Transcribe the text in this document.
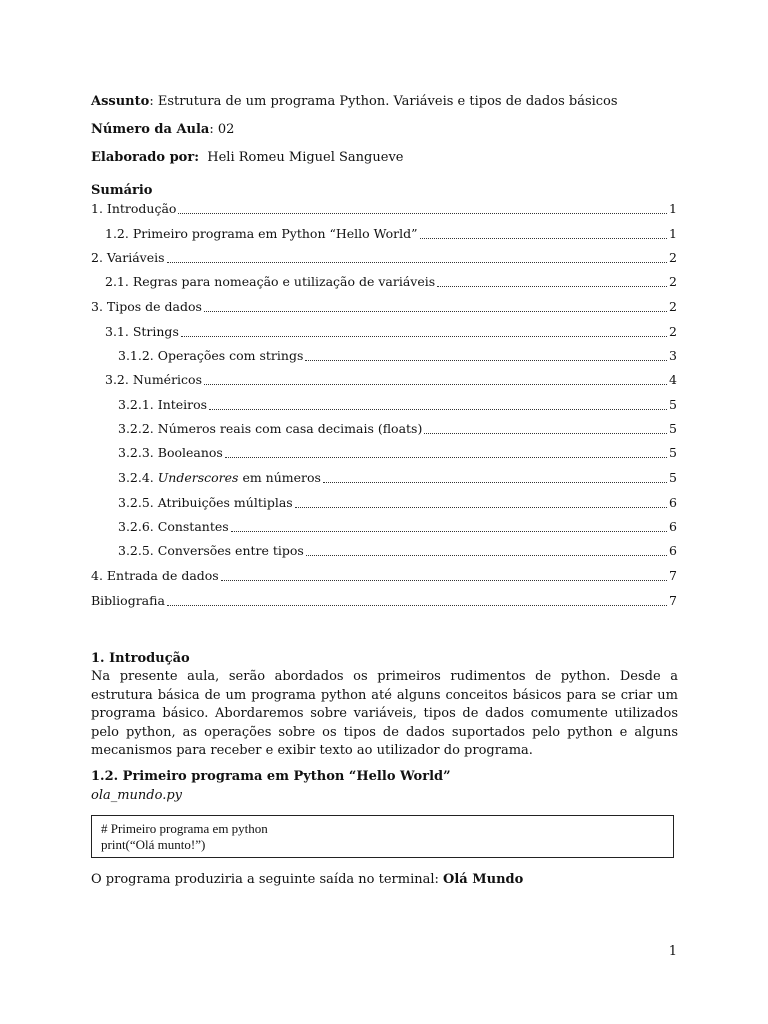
Assunto: Estrutura de um programa Python. Variáveis e tipos de dados básicos
Número da Aula: 02
Elaborado por:  Heli Romeu Miguel Sangueve
Sumário
1. Introdução	1
1.2. Primeiro programa em Python “Hello World”	1
2. Variáveis	2
2.1. Regras para nomeação e utilização de variáveis	2
3. Tipos de dados	2
3.1. Strings	2
3.1.2. Operações com strings	3
3.2. Numéricos	4
3.2.1. Inteiros	5
3.2.2. Números reais com casa decimais (floats)	5
3.2.3. Booleanos	5
3.2.4. Underscores em números	5
3.2.5. Atribuições múltiplas	6
3.2.6. Constantes	6
3.2.5. Conversões entre tipos	6
4. Entrada de dados	7
Bibliografia	7
1. Introdução
Na presente aula, serão abordados os primeiros rudimentos de python. Desde a estrutura básica de um programa python até alguns conceitos básicos para se criar um programa básico. Abordaremos sobre variáveis, tipos de dados comumente utilizados pelo python, as operações sobre os tipos de dados suportados pelo python e alguns mecanismos para receber e exibir texto ao utilizador do programa.
1.2. Primeiro programa em Python “Hello World”
ola_mundo.py
# Primeiro programa em python
print(“Olá munto!”)
O programa produziria a seguinte saída no terminal: Olá Mundo
1
